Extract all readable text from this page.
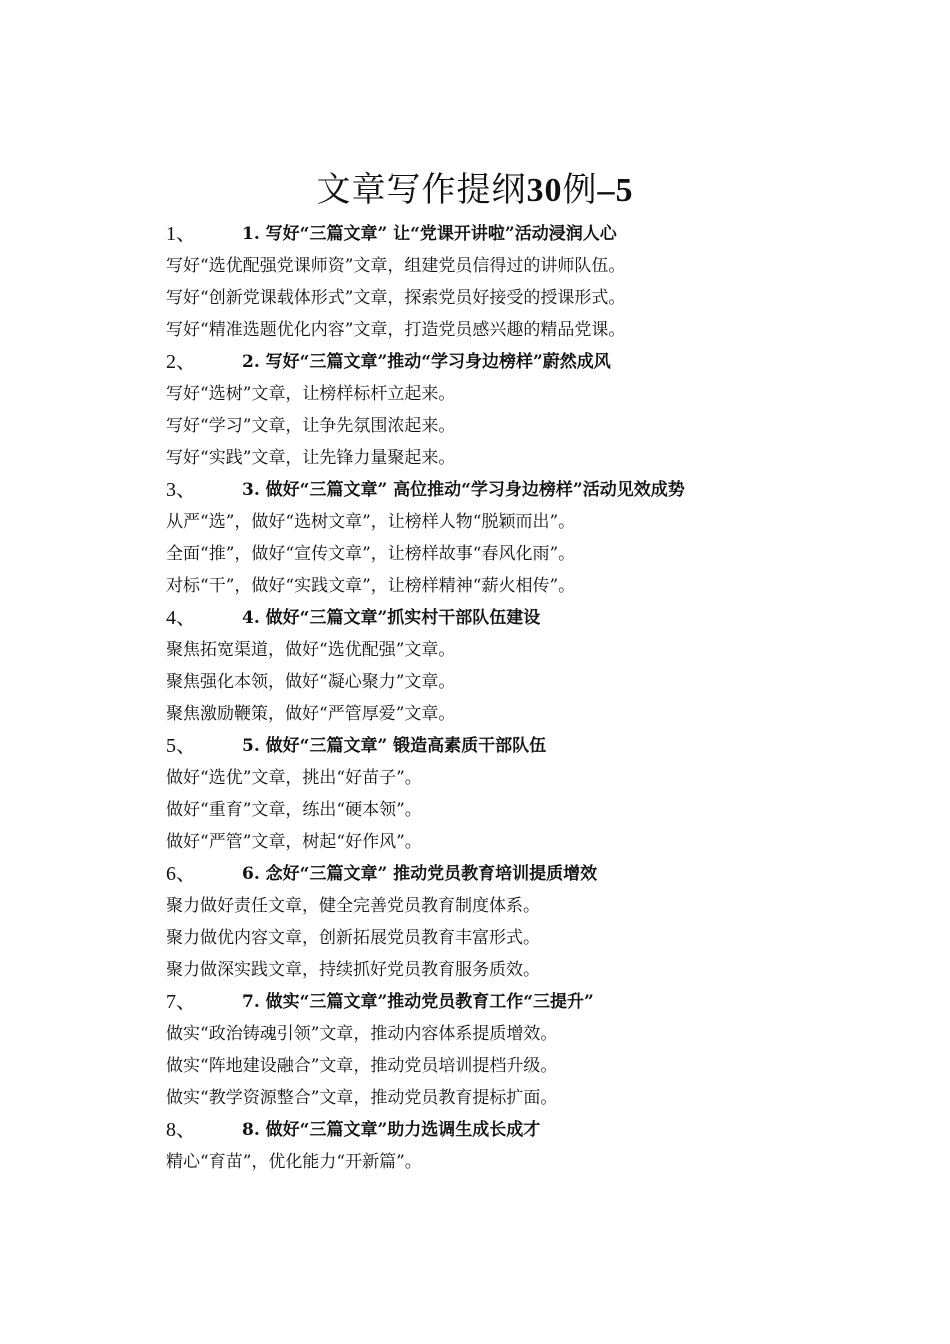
文章写作提纲30例–5
1、	1. 写好“三篇文章” 让“党课开讲啦”活动浸润人心
写好“选优配强党课师资”文章，组建党员信得过的讲师队伍。
写好“创新党课载体形式”文章，探索党员好接受的授课形式。
写好“精准选题优化内容”文章，打造党员感兴趣的精品党课。
2、	2. 写好“三篇文章”推动“学习身边榜样”蔚然成风
写好“选树”文章，让榜样标杆立起来。
写好“学习”文章，让争先氛围浓起来。
写好“实践”文章，让先锋力量聚起来。
3、	3. 做好“三篇文章” 高位推动“学习身边榜样”活动见效成势
从严“选”，做好“选树文章”，让榜样人物“脱颖而出”。
全面“推”，做好“宣传文章”，让榜样故事“春风化雨”。
对标“干”，做好“实践文章”，让榜样精神“薪火相传”。
4、	4. 做好“三篇文章”抓实村干部队伍建设
聚焦拓宽渠道，做好“选优配强”文章。
聚焦强化本领，做好“凝心聚力”文章。
聚焦激励鞭策，做好“严管厚爱”文章。
5、	5. 做好“三篇文章” 锻造高素质干部队伍
做好“选优”文章，挑出“好苗子”。
做好“重育”文章，练出“硬本领”。
做好“严管”文章，树起“好作风”。
6、	6. 念好“三篇文章” 推动党员教育培训提质增效
聚力做好责任文章，健全完善党员教育制度体系。
聚力做优内容文章，创新拓展党员教育丰富形式。
聚力做深实践文章，持续抓好党员教育服务质效。
7、	7. 做实“三篇文章”推动党员教育工作“三提升”
做实“政治铸魂引领”文章，推动内容体系提质增效。
做实“阵地建设融合”文章，推动党员培训提档升级。
做实“教学资源整合”文章，推动党员教育提标扩面。
8、	8. 做好“三篇文章”助力选调生成长成才
精心“育苗”，优化能力“开新篇”。
